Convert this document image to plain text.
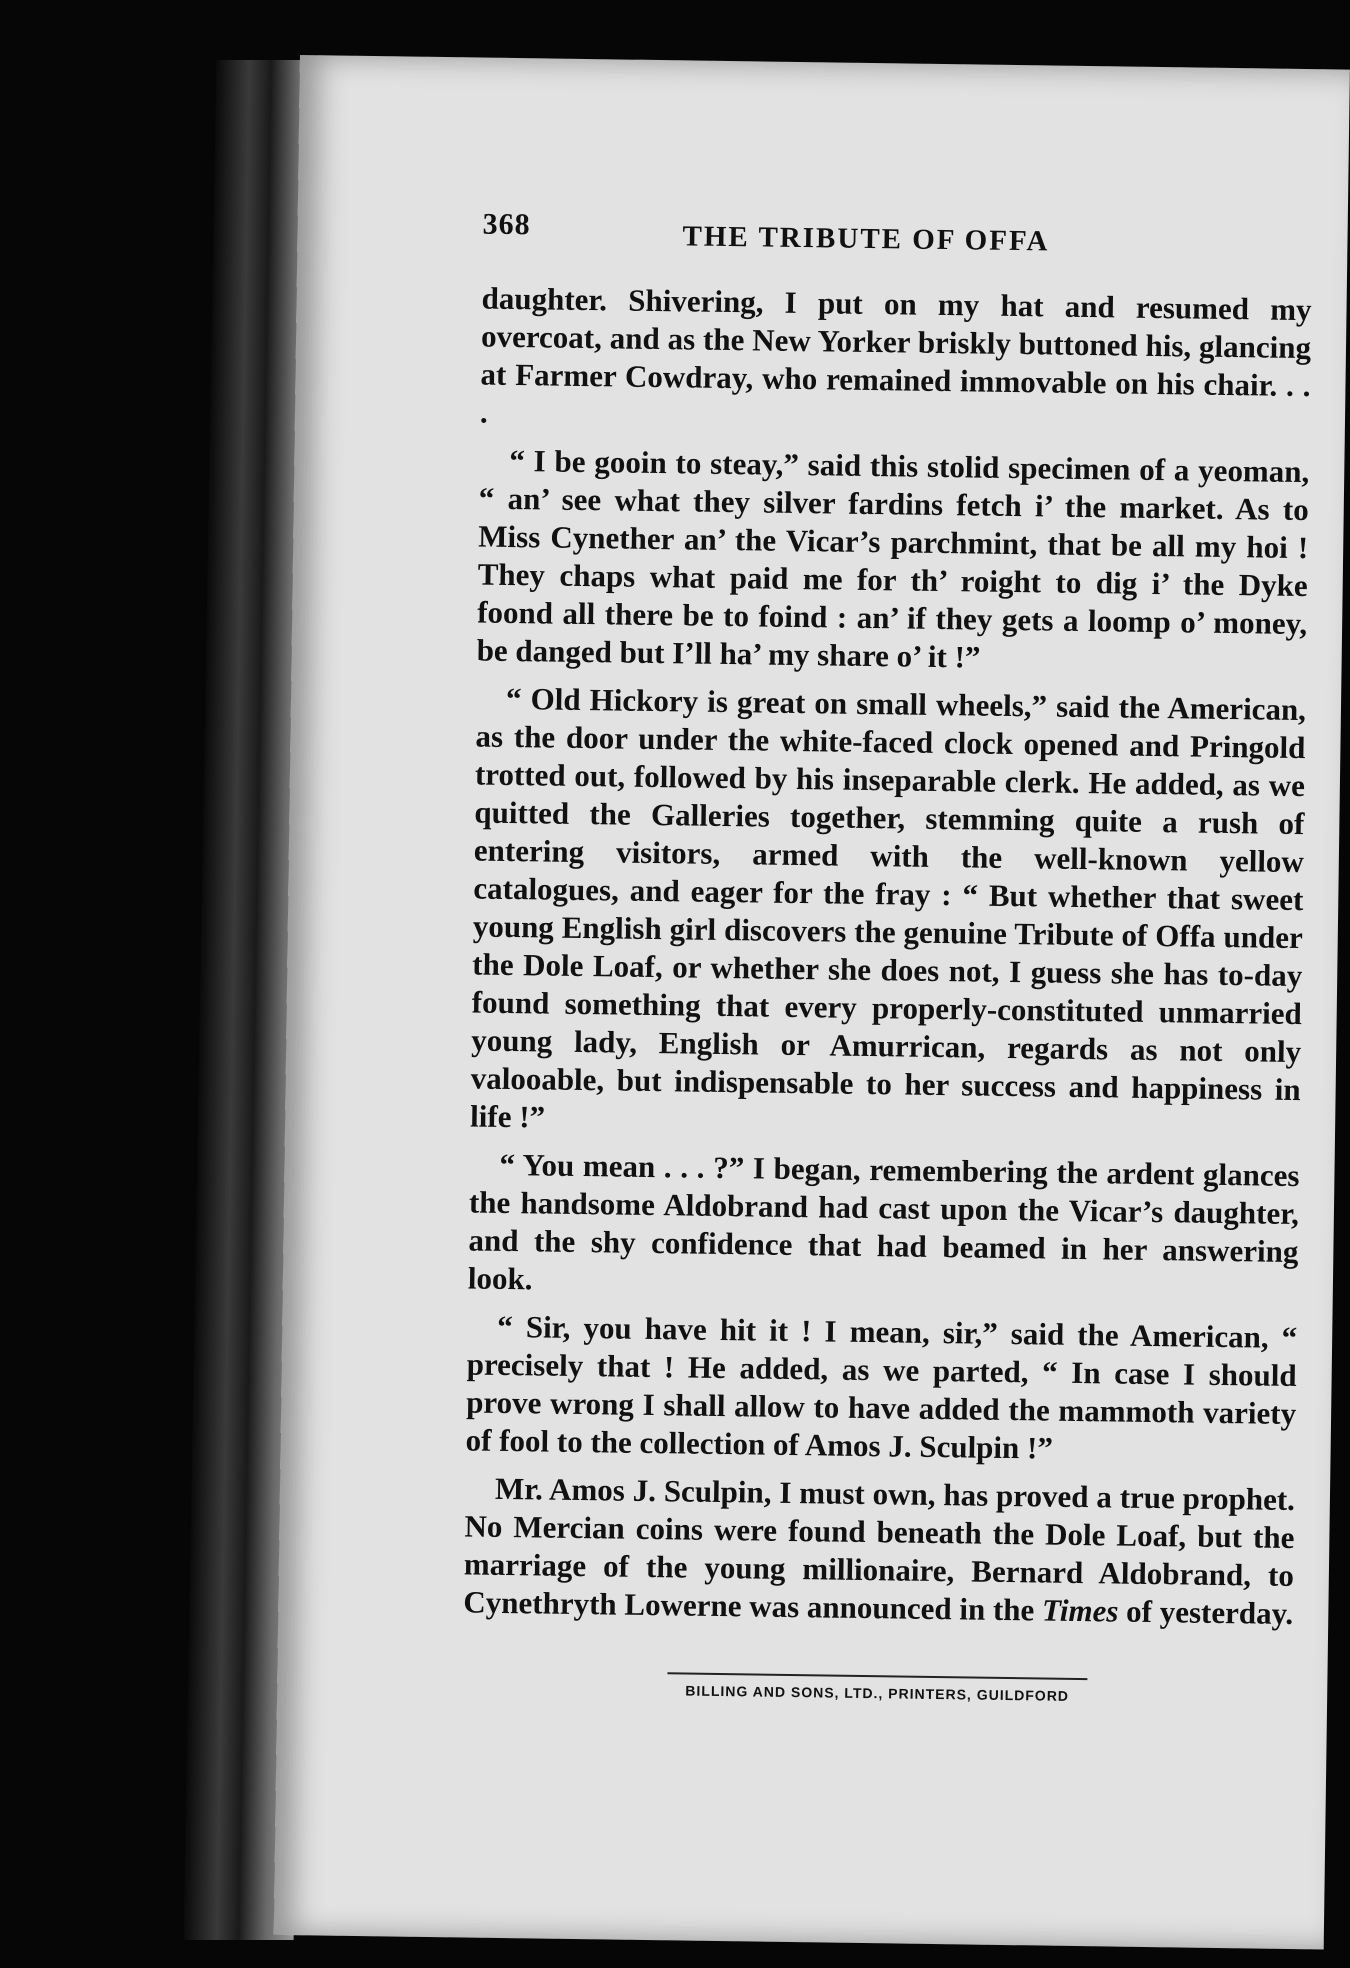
368	THE TRIBUTE OF OFFA

daughter. Shivering, I put on my hat and resumed my overcoat, and as the New Yorker briskly buttoned his, glancing at Farmer Cowdray, who remained immovable on his chair. . . .

“ I be gooin to steay,” said this stolid specimen of a yeoman, “ an’ see what they silver fardins fetch i’ the market. As to Miss Cynether an’ the Vicar’s parchmint, that be all my hoi ! They chaps what paid me for th’ roight to dig i’ the Dyke foond all there be to foind : an’ if they gets a loomp o’ money, be danged but I’ll ha’ my share o’ it !”

“ Old Hickory is great on small wheels,” said the American, as the door under the white-faced clock opened and Pringold trotted out, followed by his inseparable clerk. He added, as we quitted the Galleries together, stemming quite a rush of entering visitors, armed with the well-known yellow catalogues, and eager for the fray : “ But whether that sweet young English girl discovers the genuine Tribute of Offa under the Dole Loaf, or whether she does not, I guess she has to-day found something that every properly-constituted unmarried young lady, English or Amurrican, regards as not only valooable, but indispensable to her success and happiness in life !”

“ You mean . . . ?” I began, remembering the ardent glances the handsome Aldobrand had cast upon the Vicar’s daughter, and the shy confidence that had beamed in her answering look.

“ Sir, you have hit it ! I mean, sir,” said the American, “ precisely that ! He added, as we parted, “ In case I should prove wrong I shall allow to have added the mammoth variety of fool to the collection of Amos J. Sculpin !”

Mr. Amos J. Sculpin, I must own, has proved a true prophet. No Mercian coins were found beneath the Dole Loaf, but the marriage of the young millionaire, Bernard Aldobrand, to Cynethryth Lowerne was announced in the Times of yesterday.

BILLING AND SONS, LTD., PRINTERS, GUILDFORD
